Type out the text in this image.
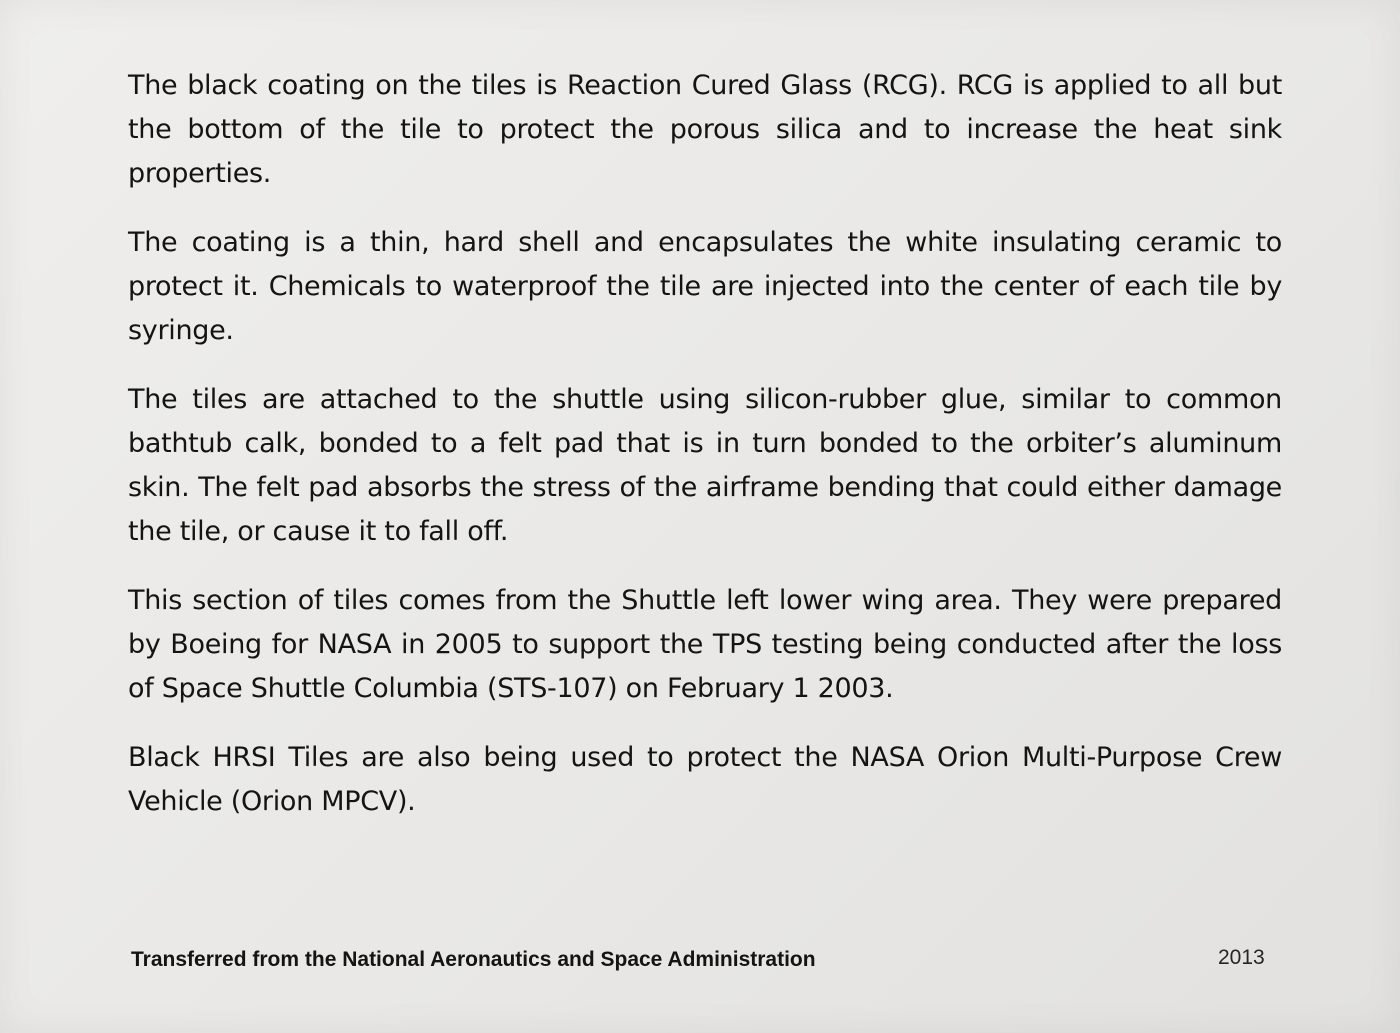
The black coating on the tiles is Reaction Cured Glass (RCG). RCG is applied to all but the bottom of the tile to protect the porous silica and to increase the heat sink properties.

The coating is a thin, hard shell and encapsulates the white insulating ceramic to protect it. Chemicals to waterproof the tile are injected into the center of each tile by syringe.

The tiles are attached to the shuttle using silicon-rubber glue, similar to common bathtub calk, bonded to a felt pad that is in turn bonded to the orbiter’s aluminum skin. The felt pad absorbs the stress of the airframe bending that could either damage the tile, or cause it to fall off.

This section of tiles comes from the Shuttle left lower wing area. They were prepared by Boeing for NASA in 2005 to support the TPS testing being conducted after the loss of Space Shuttle Columbia (STS-107) on February 1 2003.

Black HRSI Tiles are also being used to protect the NASA Orion Multi-Purpose Crew Vehicle (Orion MPCV).

Transferred from the National Aeronautics and Space Administration	2013
